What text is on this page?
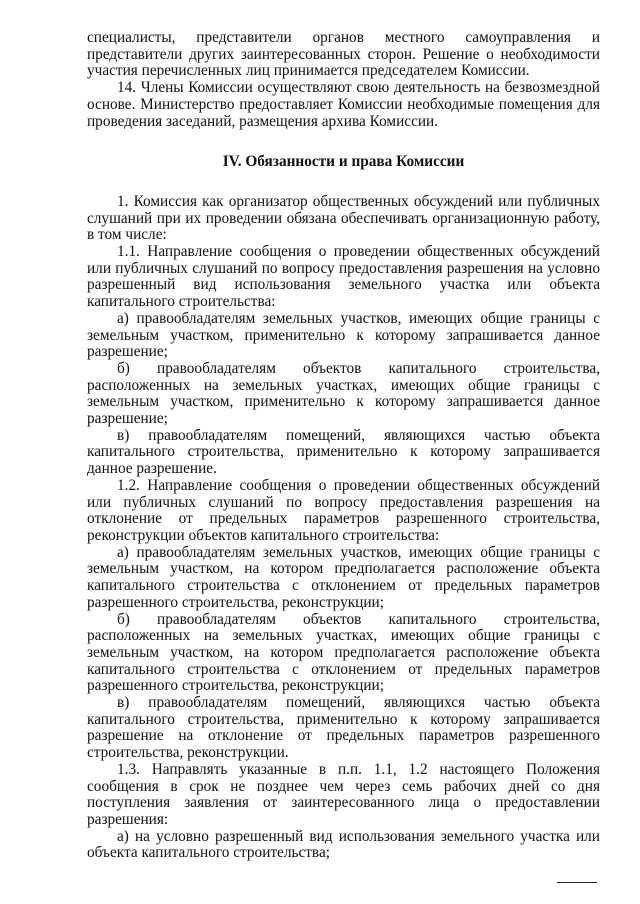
специалисты, представители органов местного самоуправления и представители других заинтересованных сторон. Решение о необходимости участия перечисленных лиц принимается председателем Комиссии.

14. Члены Комиссии осуществляют свою деятельность на безвозмездной основе. Министерство предоставляет Комиссии необходимые помещения для проведения заседаний, размещения архива Комиссии.

IV. Обязанности и права Комиссии

1. Комиссия как организатор общественных обсуждений или публичных слушаний при их проведении обязана обеспечивать организационную работу, в том числе:

1.1. Направление сообщения о проведении общественных обсуждений или публичных слушаний по вопросу предоставления разрешения на условно разрешенный вид использования земельного участка или объекта капитального строительства:

а) правообладателям земельных участков, имеющих общие границы с земельным участком, применительно к которому запрашивается данное разрешение;

б) правообладателям объектов капитального строительства, расположенных на земельных участках, имеющих общие границы с земельным участком, применительно к которому запрашивается данное разрешение;

в) правообладателям помещений, являющихся частью объекта капитального строительства, применительно к которому запрашивается данное разрешение.

1.2. Направление сообщения о проведении общественных обсуждений или публичных слушаний по вопросу предоставления разрешения на отклонение от предельных параметров разрешенного строительства, реконструкции объектов капитального строительства:

а) правообладателям земельных участков, имеющих общие границы с земельным участком, на котором предполагается расположение объекта капитального строительства с отклонением от предельных параметров разрешенного строительства, реконструкции;

б) правообладателям объектов капитального строительства, расположенных на земельных участках, имеющих общие границы с земельным участком, на котором предполагается расположение объекта капитального строительства с отклонением от предельных параметров разрешенного строительства, реконструкции;

в) правообладателям помещений, являющихся частью объекта капитального строительства, применительно к которому запрашивается разрешение на отклонение от предельных параметров разрешенного строительства, реконструкции.

1.3. Направлять указанные в п.п. 1.1, 1.2 настоящего Положения сообщения в срок не позднее чем через семь рабочих дней со дня поступления заявления от заинтересованного лица о предоставлении разрешения:

а) на условно разрешенный вид использования земельного участка или объекта капитального строительства;
